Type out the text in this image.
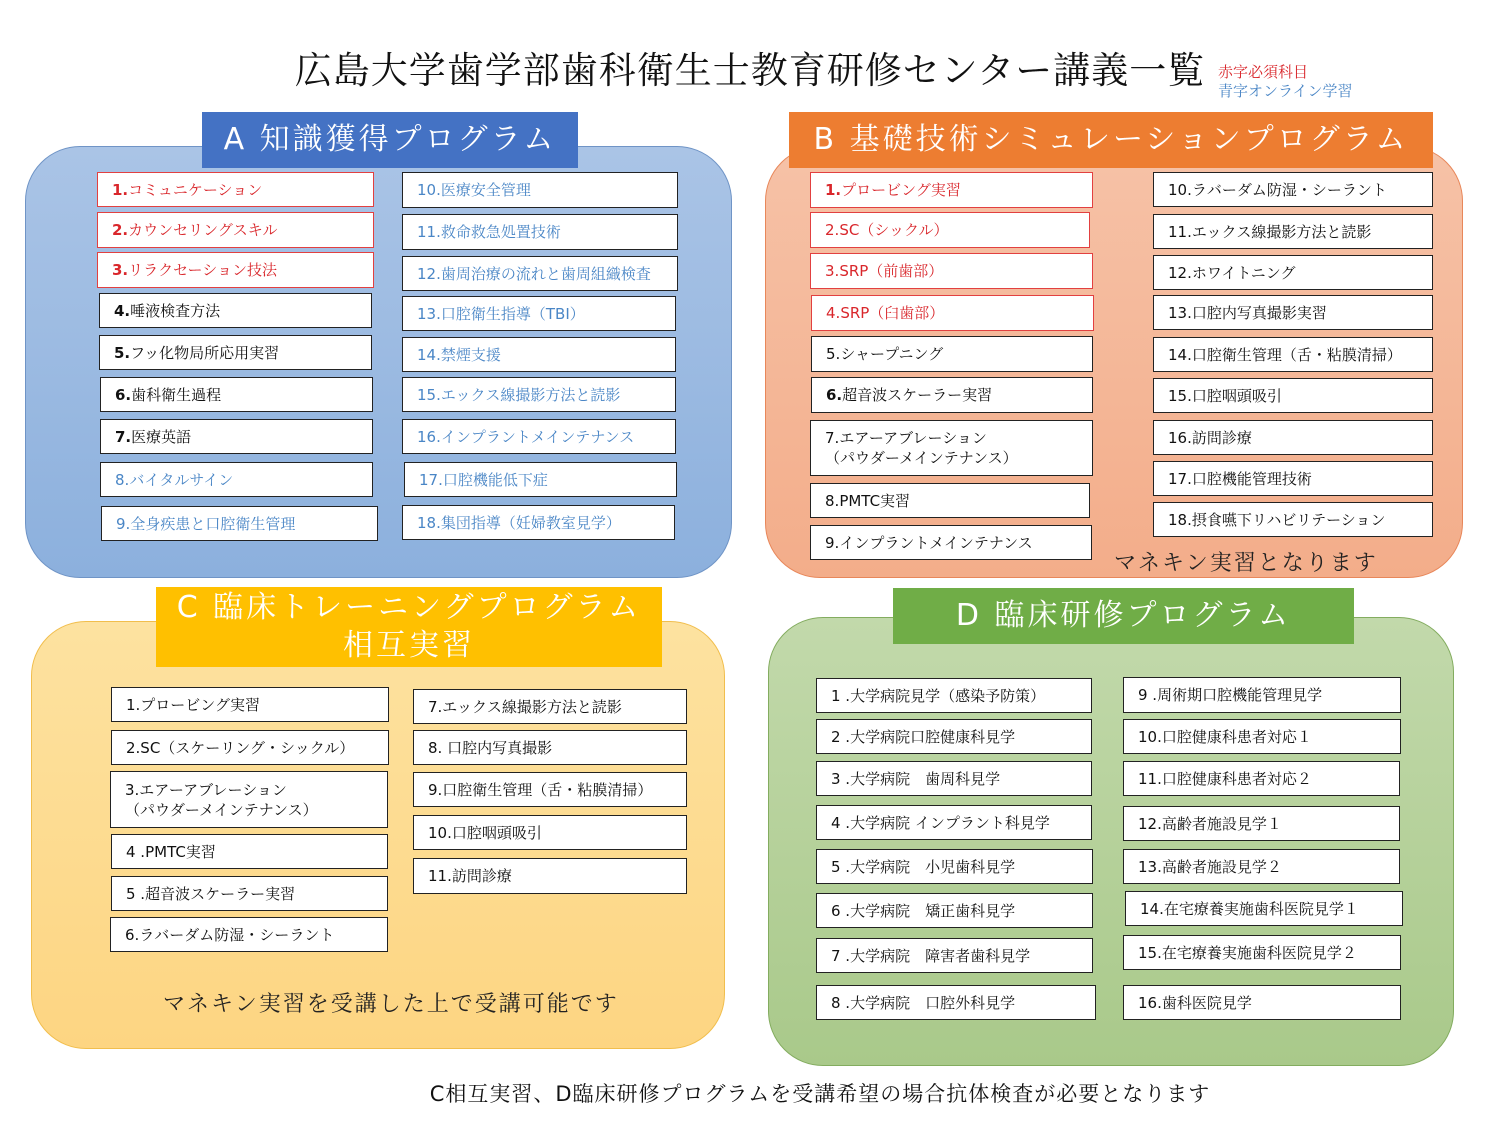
広島大学歯学部歯科衛生士教育研修センター講義一覧 赤字必須科目
青字オンライン学習
A 知識獲得プログラム
1. コミュニケーション
2. カウンセリングスキル
3. リラクセーション技法
4. 唾液検査方法
5. フッ化物局所応用実習
6. 歯科衛生過程
7. 医療英語
8. バイタルサイン
9. 全身疾患と口腔衛生管理
10. 医療安全管理
11. 救命救急処置技術
12. 歯周治療の流れと歯周組織検査
13. 口腔衛生指導（TBI）
14. 禁煙支援
15. エックス線撮影方法と読影
16. インプラントメインテナンス
17. 口腔機能低下症
18. 集団指導（妊婦教室見学）
B 基礎技術シミュレーションプログラム
1. プロービング実習
2. SC（シックル）
3. SRP（前歯部）
4. SRP（臼歯部）
5. シャープニング
6. 超音波スケーラー実習
7.エアーアブレーション
（パウダーメインテナンス）
8. PMTC実習
9. インプラントメインテナンス
10. ラバーダム防湿・シーラント
11. エックス線撮影方法と読影
12. ホワイトニング
13. 口腔内写真撮影実習
14. 口腔衛生管理（舌・粘膜清掃）
15. 口腔咽頭吸引
16. 訪問診療
17. 口腔機能管理技術
18. 摂食嚥下リハビリテーション
マネキン実習となります
C 臨床トレーニングプログラム
相互実習
1.プロービング実習
2.SC（スケーリング・シックル）
3.エアーアブレーション
（パウダーメインテナンス）
4 .PMTC実習
5 .超音波スケーラー実習
6.ラバーダム防湿・シーラント
7.エックス線撮影方法と読影
8. 口腔内写真撮影
9.口腔衛生管理（舌・粘膜清掃）
10.口腔咽頭吸引
11.訪問診療
マネキン実習を受講した上で受講可能です
D 臨床研修プログラム
1 .大学病院見学（感染予防策）
2 .大学病院口腔健康科見学
3 .大学病院　歯周科見学
4 .大学病院 インプラント科見学
5 .大学病院　小児歯科見学
6 .大学病院　矯正歯科見学
7 .大学病院　障害者歯科見学
8 .大学病院　口腔外科見学
9 .周術期口腔機能管理見学
10.口腔健康科患者対応１
11.口腔健康科患者対応２
12.高齢者施設見学１
13.高齢者施設見学２
14.在宅療養実施歯科医院見学１
15.在宅療養実施歯科医院見学２
16.歯科医院見学
C相互実習、D臨床研修プログラムを受講希望の場合抗体検査が必要となります
